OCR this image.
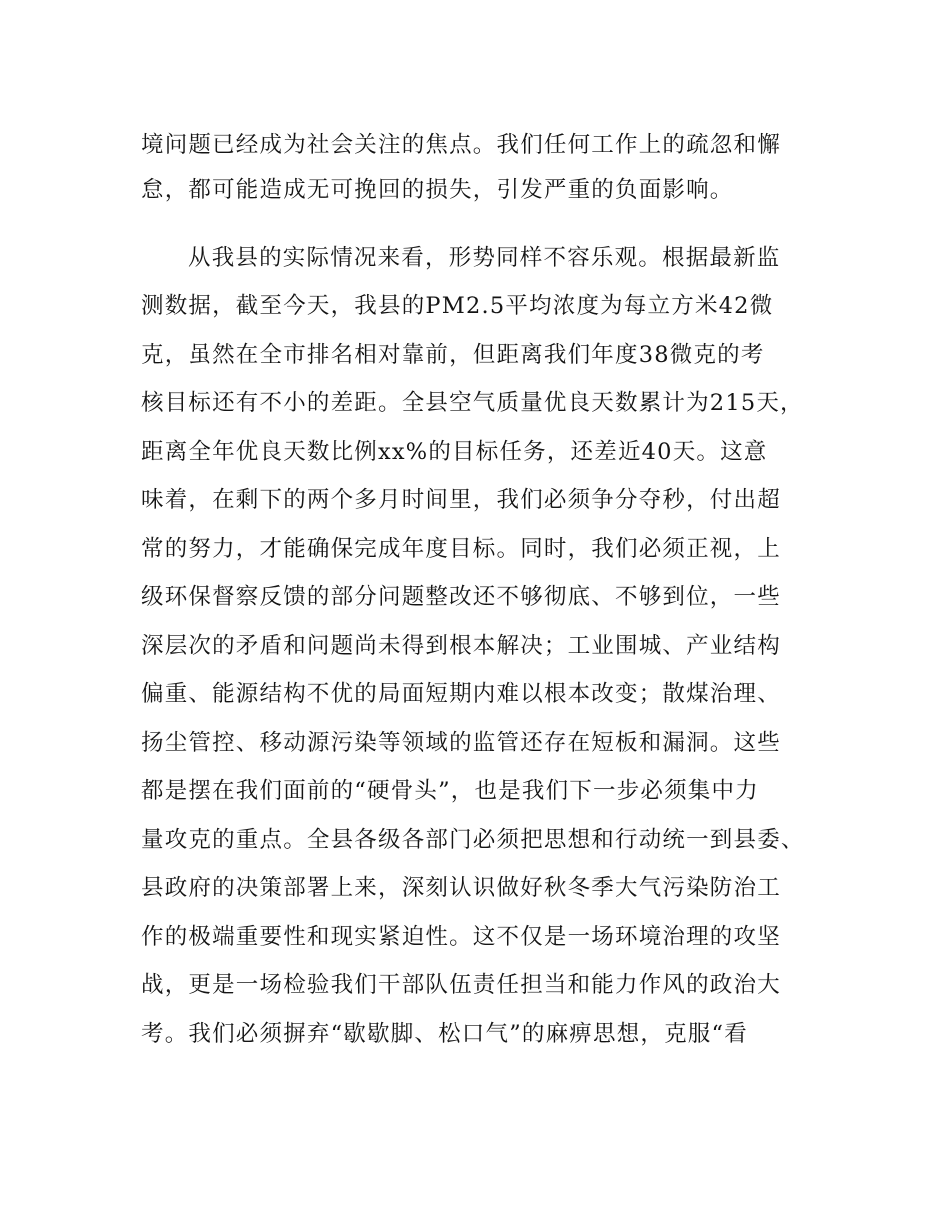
境问题已经成为社会关注的焦点。我们任何工作上的疏忽和懈
怠，都可能造成无可挽回的损失，引发严重的负面影响。
从我县的实际情况来看，形势同样不容乐观。根据最新监
测数据，截至今天，我县的PM2.5平均浓度为每立方米42微
克，虽然在全市排名相对靠前，但距离我们年度38微克的考
核目标还有不小的差距。全县空气质量优良天数累计为215天，
距离全年优良天数比例xx%的目标任务，还差近40天。这意
味着，在剩下的两个多月时间里，我们必须争分夺秒，付出超
常的努力，才能确保完成年度目标。同时，我们必须正视，上
级环保督察反馈的部分问题整改还不够彻底、不够到位，一些
深层次的矛盾和问题尚未得到根本解决；工业围城、产业结构
偏重、能源结构不优的局面短期内难以根本改变；散煤治理、
扬尘管控、移动源污染等领域的监管还存在短板和漏洞。这些
都是摆在我们面前的“硬骨头”，也是我们下一步必须集中力
量攻克的重点。全县各级各部门必须把思想和行动统一到县委、
县政府的决策部署上来，深刻认识做好秋冬季大气污染防治工
作的极端重要性和现实紧迫性。这不仅是一场环境治理的攻坚
战，更是一场检验我们干部队伍责任担当和能力作风的政治大
考。我们必须摒弃“歇歇脚、松口气”的麻痹思想，克服“看
